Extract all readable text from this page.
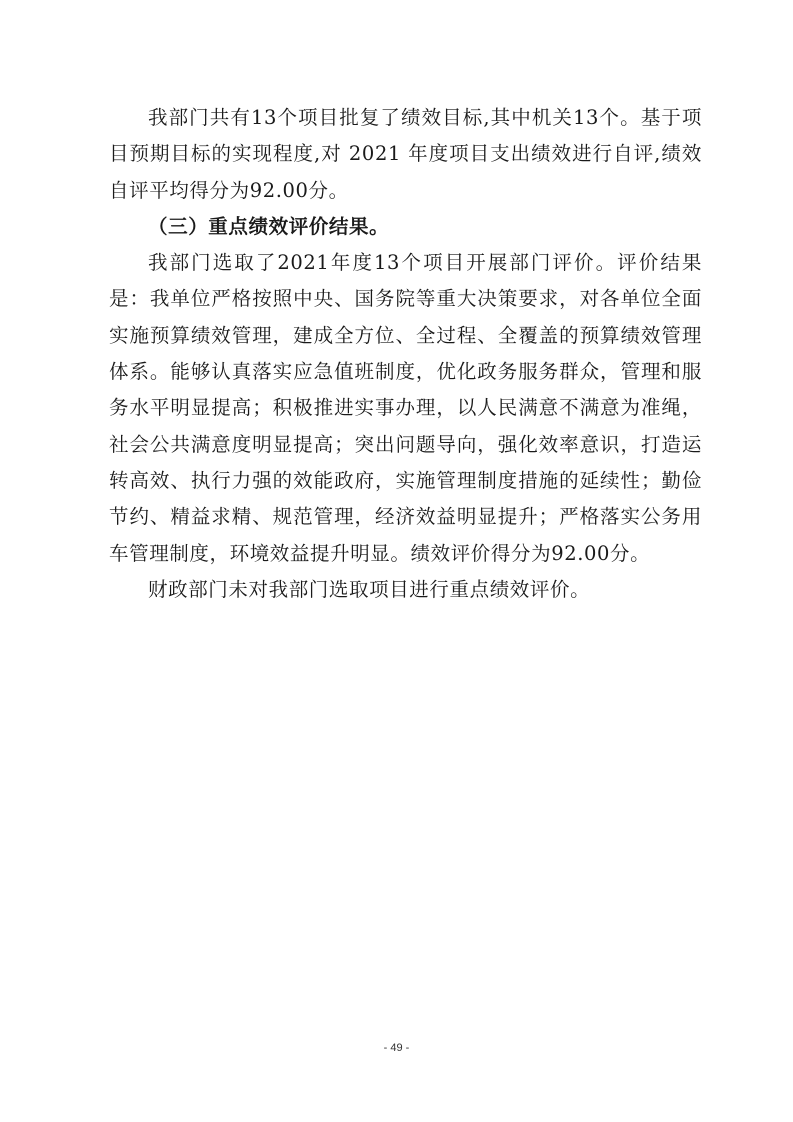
我部门共有13个项目批复了绩效目标,其中机关13个。基于项目预期目标的实现程度,对 2021 年度项目支出绩效进行自评,绩效自评平均得分为92.00分。

（三）重点绩效评价结果。

我部门选取了2021年度13个项目开展部门评价。评价结果是：我单位严格按照中央、国务院等重大决策要求，对各单位全面实施预算绩效管理，建成全方位、全过程、全覆盖的预算绩效管理体系。能够认真落实应急值班制度，优化政务服务群众，管理和服务水平明显提高；积极推进实事办理，以人民满意不满意为准绳，社会公共满意度明显提高；突出问题导向，强化效率意识，打造运转高效、执行力强的效能政府，实施管理制度措施的延续性；勤俭节约、精益求精、规范管理，经济效益明显提升；严格落实公务用车管理制度，环境效益提升明显。绩效评价得分为92.00分。

财政部门未对我部门选取项目进行重点绩效评价。

- 49 -
